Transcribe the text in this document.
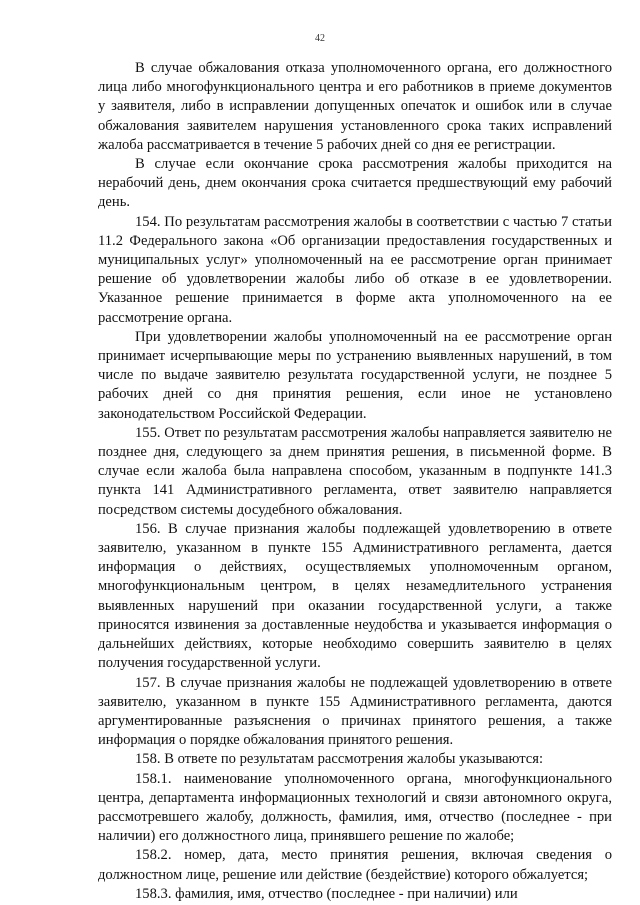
42

В случае обжалования отказа уполномоченного органа, его должностного лица либо многофункционального центра и его работников в приеме документов у заявителя, либо в исправлении допущенных опечаток и ошибок или в случае обжалования заявителем нарушения установленного срока таких исправлений жалоба рассматривается в течение 5 рабочих дней со дня ее регистрации.

В случае если окончание срока рассмотрения жалобы приходится на нерабочий день, днем окончания срока считается предшествующий ему рабочий день.

154. По результатам рассмотрения жалобы в соответствии с частью 7 статьи 11.2 Федерального закона «Об организации предоставления государственных и муниципальных услуг» уполномоченный на ее рассмотрение орган принимает решение об удовлетворении жалобы либо об отказе в ее удовлетворении. Указанное решение принимается в форме акта уполномоченного на ее рассмотрение органа.

При удовлетворении жалобы уполномоченный на ее рассмотрение орган принимает исчерпывающие меры по устранению выявленных нарушений, в том числе по выдаче заявителю результата государственной услуги, не позднее 5 рабочих дней со дня принятия решения, если иное не установлено законодательством Российской Федерации.

155. Ответ по результатам рассмотрения жалобы направляется заявителю не позднее дня, следующего за днем принятия решения, в письменной форме. В случае если жалоба была направлена способом, указанным в подпункте 141.3 пункта 141 Административного регламента, ответ заявителю направляется посредством системы досудебного обжалования.

156. В случае признания жалобы подлежащей удовлетворению в ответе заявителю, указанном в пункте 155 Административного регламента, дается информация о действиях, осуществляемых уполномоченным органом, многофункциональным центром, в целях незамедлительного устранения выявленных нарушений при оказании государственной услуги, а также приносятся извинения за доставленные неудобства и указывается информация о дальнейших действиях, которые необходимо совершить заявителю в целях получения государственной услуги.

157. В случае признания жалобы не подлежащей удовлетворению в ответе заявителю, указанном в пункте 155 Административного регламента, даются аргументированные разъяснения о причинах принятого решения, а также информация о порядке обжалования принятого решения.

158. В ответе по результатам рассмотрения жалобы указываются:

158.1. наименование уполномоченного органа, многофункционального центра, департамента информационных технологий и связи автономного округа, рассмотревшего жалобу, должность, фамилия, имя, отчество (последнее - при наличии) его должностного лица, принявшего решение по жалобе;

158.2. номер, дата, место принятия решения, включая сведения о должностном лице, решение или действие (бездействие) которого обжалуется;

158.3. фамилия, имя, отчество (последнее - при наличии) или
